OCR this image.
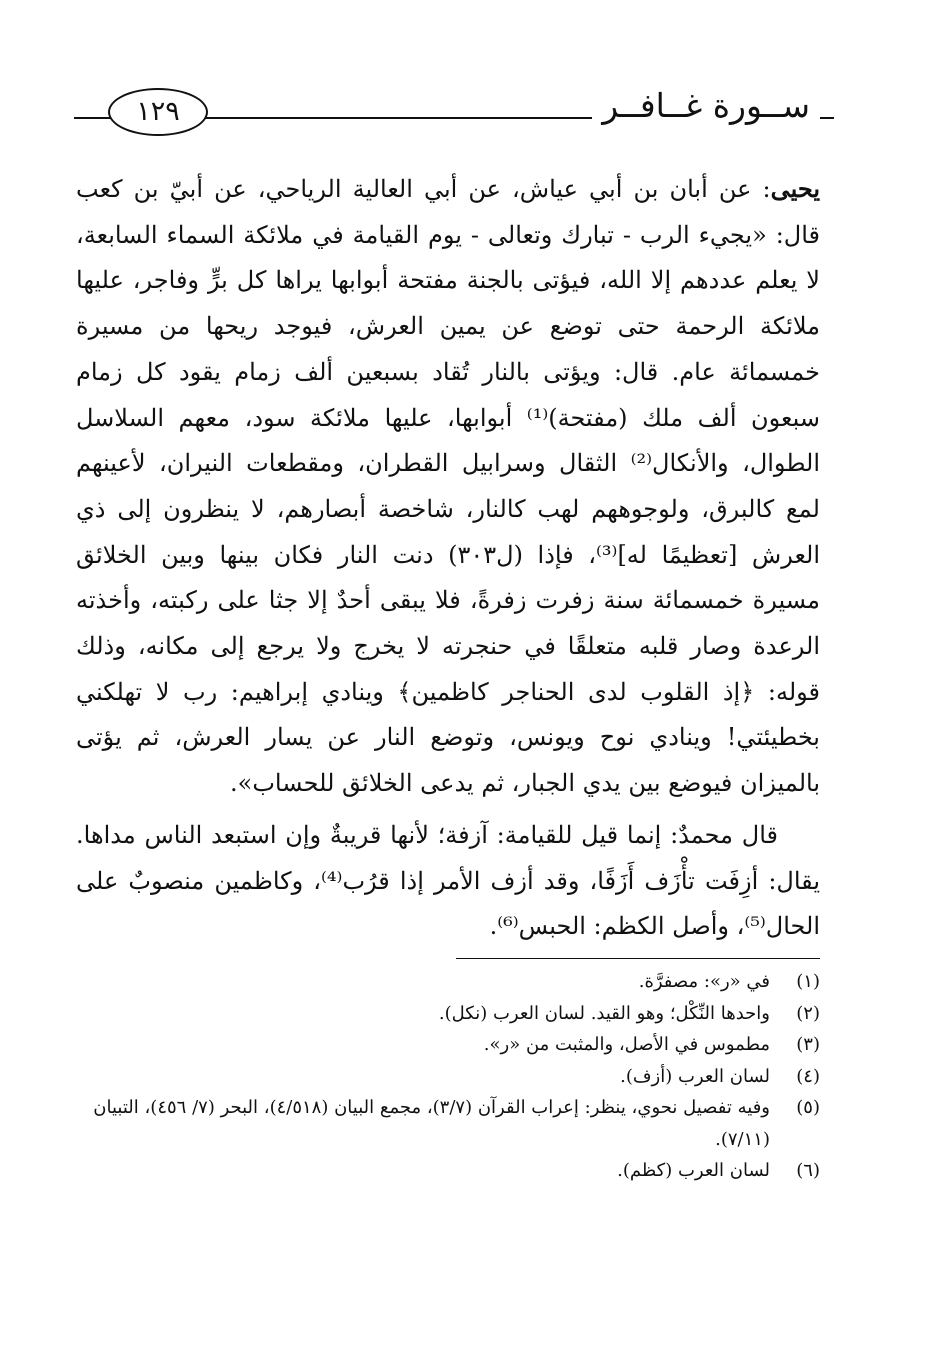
ســورة غــافــر
١٢٩

يحيى: عن أبان بن أبي عياش، عن أبي العالية الرياحي، عن أبيّ بن كعب قال: «يجيء الرب - تبارك وتعالى - يوم القيامة في ملائكة السماء السابعة، لا يعلم عددهم إلا الله، فيؤتى بالجنة مفتحة أبوابها يراها كل برٍّ وفاجر، عليها ملائكة الرحمة حتى توضع عن يمين العرش، فيوجد ريحها من مسيرة خمسمائة عام. قال: ويؤتى بالنار تُقاد بسبعين ألف زمام يقود كل زمام سبعون ألف ملك (مفتحة)⁽¹⁾ أبوابها، عليها ملائكة سود، معهم السلاسل الطوال، والأنكال⁽²⁾ الثقال وسرابيل القطران، ومقطعات النيران، لأعينهم لمع كالبرق، ولوجوههم لهب كالنار، شاخصة أبصارهم، لا ينظرون إلى ذي العرش [تعظيمًا له]⁽³⁾، فإذا (ل٣٠٣) دنت النار فكان بينها وبين الخلائق مسيرة خمسمائة سنة زفرت زفرةً، فلا يبقى أحدٌ إلا جثا على ركبته، وأخذته الرعدة وصار قلبه متعلقًا في حنجرته لا يخرج ولا يرجع إلى مكانه، وذلك قوله: ﴿إذ القلوب لدى الحناجر كاظمين﴾ وينادي إبراهيم: رب لا تهلكني بخطيئتي! وينادي نوح ويونس، وتوضع النار عن يسار العرش، ثم يؤتى بالميزان فيوضع بين يدي الجبار، ثم يدعى الخلائق للحساب».

قال محمدٌ: إنما قيل للقيامة: آزفة؛ لأنها قريبةٌ وإن استبعد الناس مداها. يقال: أزِفَت تأْزَف أَزَفًا، وقد أزف الأمر إذا قرُب⁽⁴⁾، وكاظمين منصوبٌ على الحال⁽⁵⁾، وأصل الكظم: الحبس⁽⁶⁾.

(١)
في «ر»: مصفرَّة.
(٢)
واحدها النِّكْل؛ وهو القيد. لسان العرب (نكل).
(٣)
مطموس في الأصل، والمثبت من «ر».
(٤)
لسان العرب (أزف).
(٥)
وفيه تفصيل نحوي، ينظر: إعراب القرآن (٣/٧)، مجمع البيان (٤/٥١٨)، البحر (٧/ ٤٥٦)، التبيان (٧/١١).
(٦)
لسان العرب (كظم).
